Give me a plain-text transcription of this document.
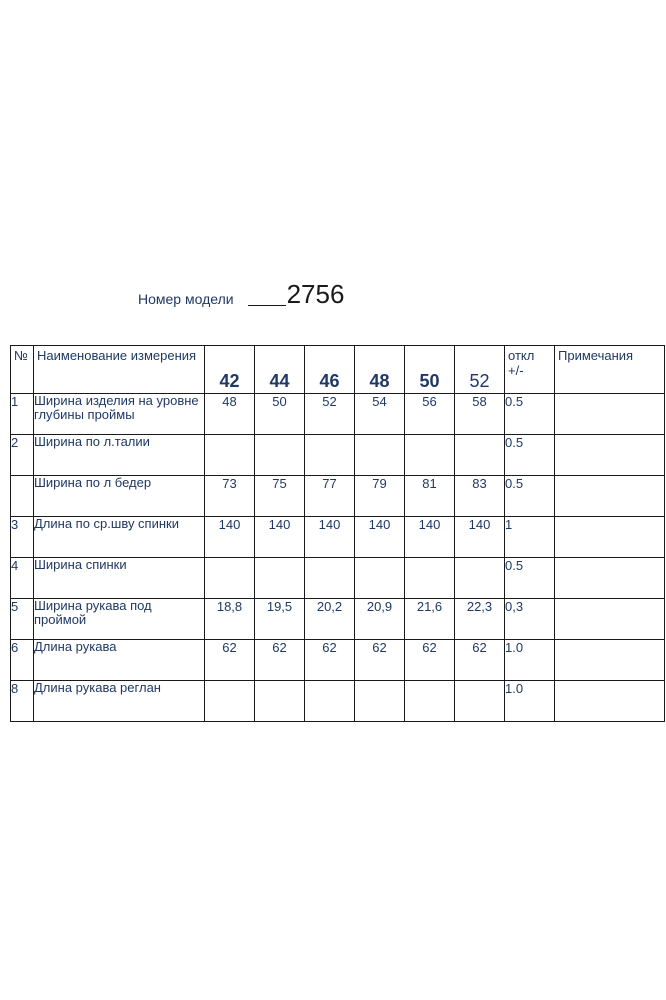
Номер модели 2756
№	Наименование измерения	42	44	46	48	50	52	откл +/-	Примечания
1	Ширина изделия на уровне глубины проймы	48	50	52	54	56	58	0.5	
2	Ширина по л.талии							0.5	
	Ширина по л бедер	73	75	77	79	81	83	0.5	
3	Длина по ср.шву спинки	140	140	140	140	140	140	1	
4	Ширина спинки							0.5	
5	Ширина рукава под проймой	18,8	19,5	20,2	20,9	21,6	22,3	0,3	
6	Длина рукава	62	62	62	62	62	62	1.0	
8	Длина рукава реглан							1.0	
